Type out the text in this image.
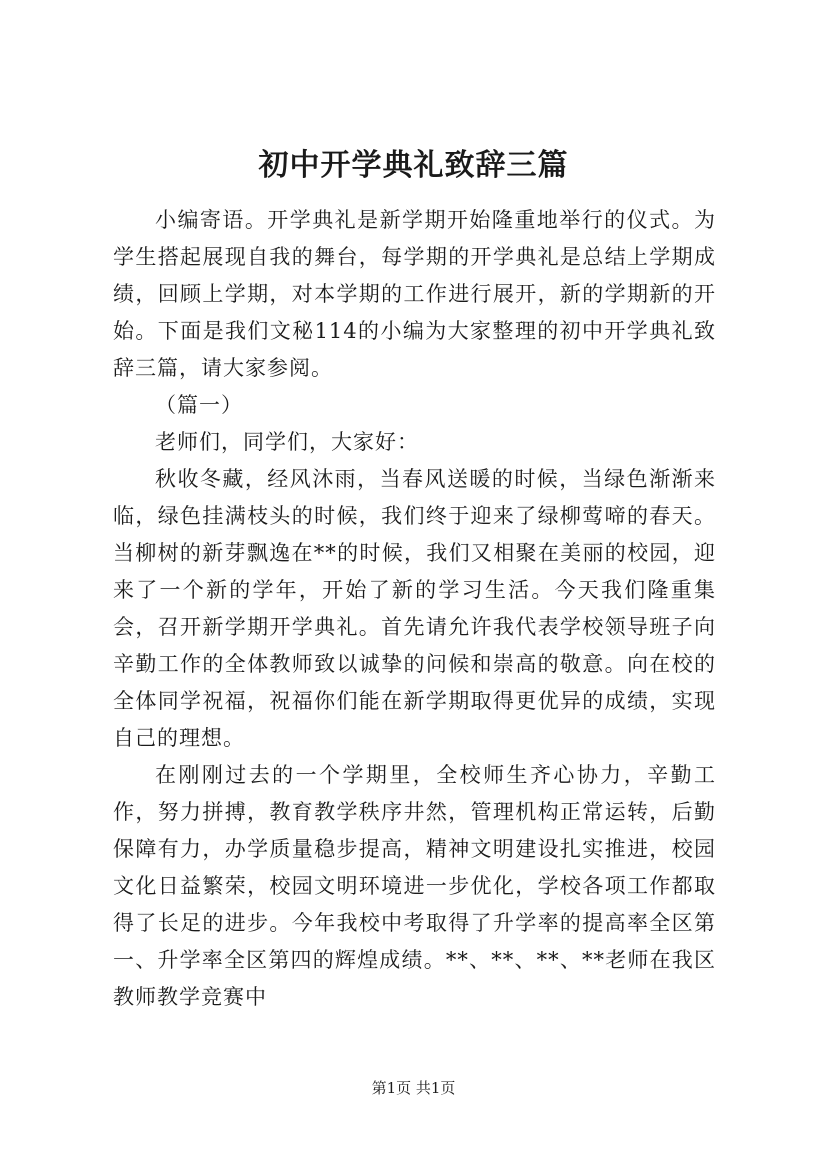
初中开学典礼致辞三篇

小编寄语。开学典礼是新学期开始隆重地举行的仪式。为学生搭起展现自我的舞台，每学期的开学典礼是总结上学期成绩，回顾上学期，对本学期的工作进行展开，新的学期新的开始。下面是我们文秘114的小编为大家整理的初中开学典礼致辞三篇，请大家参阅。

（篇一）

老师们，同学们，大家好：

秋收冬藏，经风沐雨，当春风送暖的时候，当绿色渐渐来临，绿色挂满枝头的时候，我们终于迎来了绿柳莺啼的春天。当柳树的新芽飘逸在**的时候，我们又相聚在美丽的校园，迎来了一个新的学年，开始了新的学习生活。今天我们隆重集会，召开新学期开学典礼。首先请允许我代表学校领导班子向辛勤工作的全体教师致以诚挚的问候和崇高的敬意。向在校的全体同学祝福，祝福你们能在新学期取得更优异的成绩，实现自己的理想。

在刚刚过去的一个学期里，全校师生齐心协力，辛勤工作，努力拼搏，教育教学秩序井然，管理机构正常运转，后勤保障有力，办学质量稳步提高，精神文明建设扎实推进，校园文化日益繁荣，校园文明环境进一步优化，学校各项工作都取得了长足的进步。今年我校中考取得了升学率的提高率全区第一、升学率全区第四的辉煌成绩。**、**、**、**老师在我区教师教学竞赛中

第1页 共1页
